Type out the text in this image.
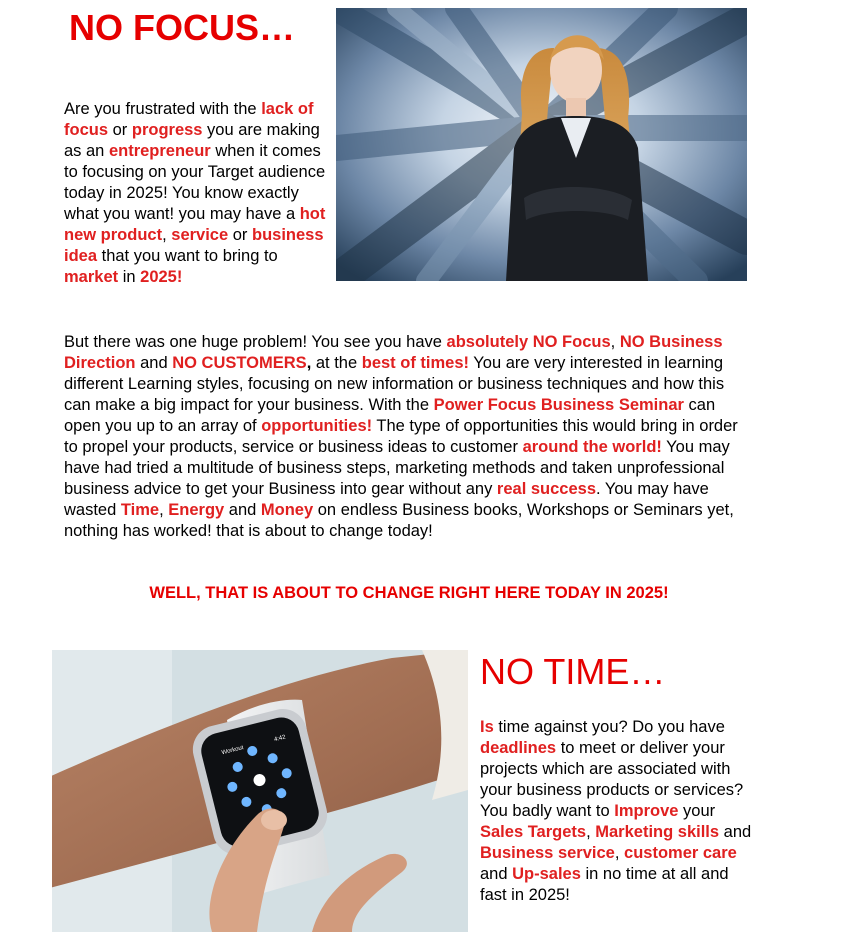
NO FOCUS…

Are you frustrated with the lack of focus or progress you are making as an entrepreneur when it comes to focusing on your Target audience today in 2025! You know exactly what you want! you may have a hot new product, service or business idea that you want to bring to market in 2025!

But there was one huge problem! You see you have absolutely NO Focus, NO Business Direction and NO CUSTOMERS, at the best of times! You are very interested in learning different Learning styles, focusing on new information or business techniques and how this can make a big impact for your business. With the Power Focus Business Seminar can open you up to an array of opportunities! The type of opportunities this would bring in order to propel your products, service or business ideas to customer around the world! You may have had tried a multitude of business steps, marketing methods and taken unprofessional business advice to get your Business into gear without any real success. You may have wasted Time, Energy and Money on endless Business books, Workshops or Seminars yet, nothing has worked! that is about to change today!

WELL, THAT IS ABOUT TO CHANGE RIGHT HERE TODAY IN 2025!
Workout
4:42
NO TIME…

Is time against you? Do you have deadlines to meet or deliver your projects which are associated with your business products or services? You badly want to Improve your Sales Targets, Marketing skills and Business service, customer care and Up-sales in no time at all and fast in 2025!
